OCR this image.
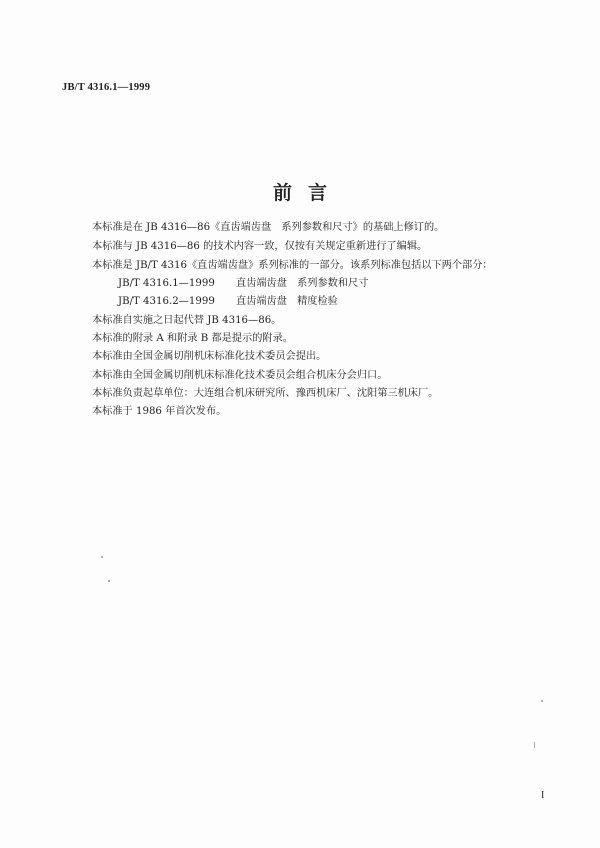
JB/T 4316.1—1999
前言
本标准是在 JB 4316—86《直齿端齿盘　系列参数和尺寸》的基础上修订的。
本标准与 JB 4316—86 的技术内容一致，仅按有关规定重新进行了编辑。
本标准是 JB/T 4316《直齿端齿盘》系列标准的一部分。该系列标准包括以下两个部分：
JB/T 4316.1—1999 直齿端齿盘　系列参数和尺寸
JB/T 4316.2—1999 直齿端齿盘　精度检验
本标准自实施之日起代替 JB 4316—86。
本标准的附录 A 和附录 B 都是提示的附录。
本标准由全国金属切削机床标准化技术委员会提出。
本标准由全国金属切削机床标准化技术委员会组合机床分会归口。
本标准负责起草单位：大连组合机床研究所、豫西机床厂、沈阳第三机床厂。
本标准于 1986 年首次发布。
I
